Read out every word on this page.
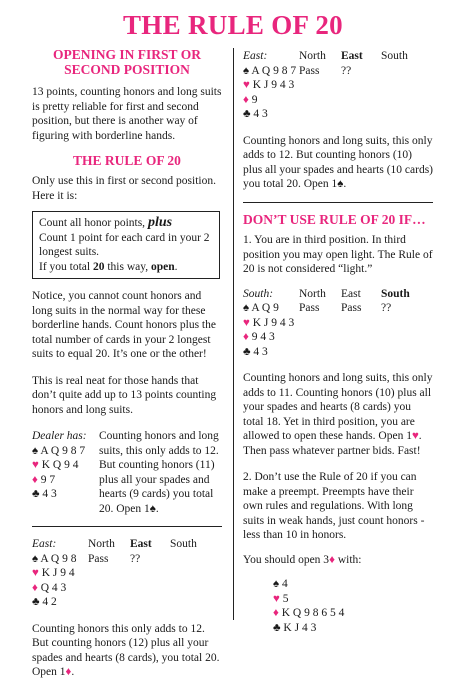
THE RULE OF 20
OPENING IN FIRST OR SECOND POSITION

13 points, counting honors and long suits is pretty reliable for first and second position, but there is another way of figuring with borderline hands.

THE RULE OF 20

Only use this in first or second position. Here it is:

Count all honor points, plus
Count 1 point for each card in your 2 longest suits.
If you total 20 this way, open.

Notice, you cannot count honors and long suits in the normal way for these borderline hands. Count honors plus the total number of cards in your 2 longest suits to equal 20. It’s one or the other!

This is real neat for those hands that don’t quite add up to 13 points counting honors and long suits.

Dealer has:
♠ A Q 9 8 7
♥ K Q 9 4
♦ 9 7
♣ 4 3
Counting honors and long suits, this only adds to 12. But counting honors (11) plus all your spades and hearts (9 cards) you total 20. Open 1♠.
East:	North	East	South
♠ A Q 9 8	Pass	??
♥ K J 9 4
♦ Q 4 3
♣ 4 2

Counting honors this only adds to 12. But counting honors (12) plus all your spades and hearts (8 cards), you total 20. Open 1♦.

East:	North	East	South
♠ A Q 9 8 7 Pass	??
♥ K J 9 4 3
♦ 9
♣ 4 3

Counting honors and long suits, this only adds to 12. But counting honors (10) plus all your spades and hearts (10 cards) you total 20. Open 1♠.

DON’T USE RULE OF 20 IF…

1. You are in third position. In third position you may open light. The Rule of 20 is not considered “light.”

South:	North	East	South
♠ A Q 9	Pass	Pass	??
♥ K J 9 4 3
♦ 9 4 3
♣ 4 3

Counting honors and long suits, this only adds to 11. Counting honors (10) plus all your spades and hearts (8 cards) you total 18. Yet in third position, you are allowed to open these hands. Open 1♥. Then pass whatever partner bids. Fast!

2. Don’t use the Rule of 20 if you can make a preempt. Preempts have their own rules and regulations. With long suits in weak hands, just count honors - less than 10 in honors.

You should open 3♦ with:

♠ 4
♥ 5
♦ K Q 9 8 6 5 4
♣ K J 4 3
